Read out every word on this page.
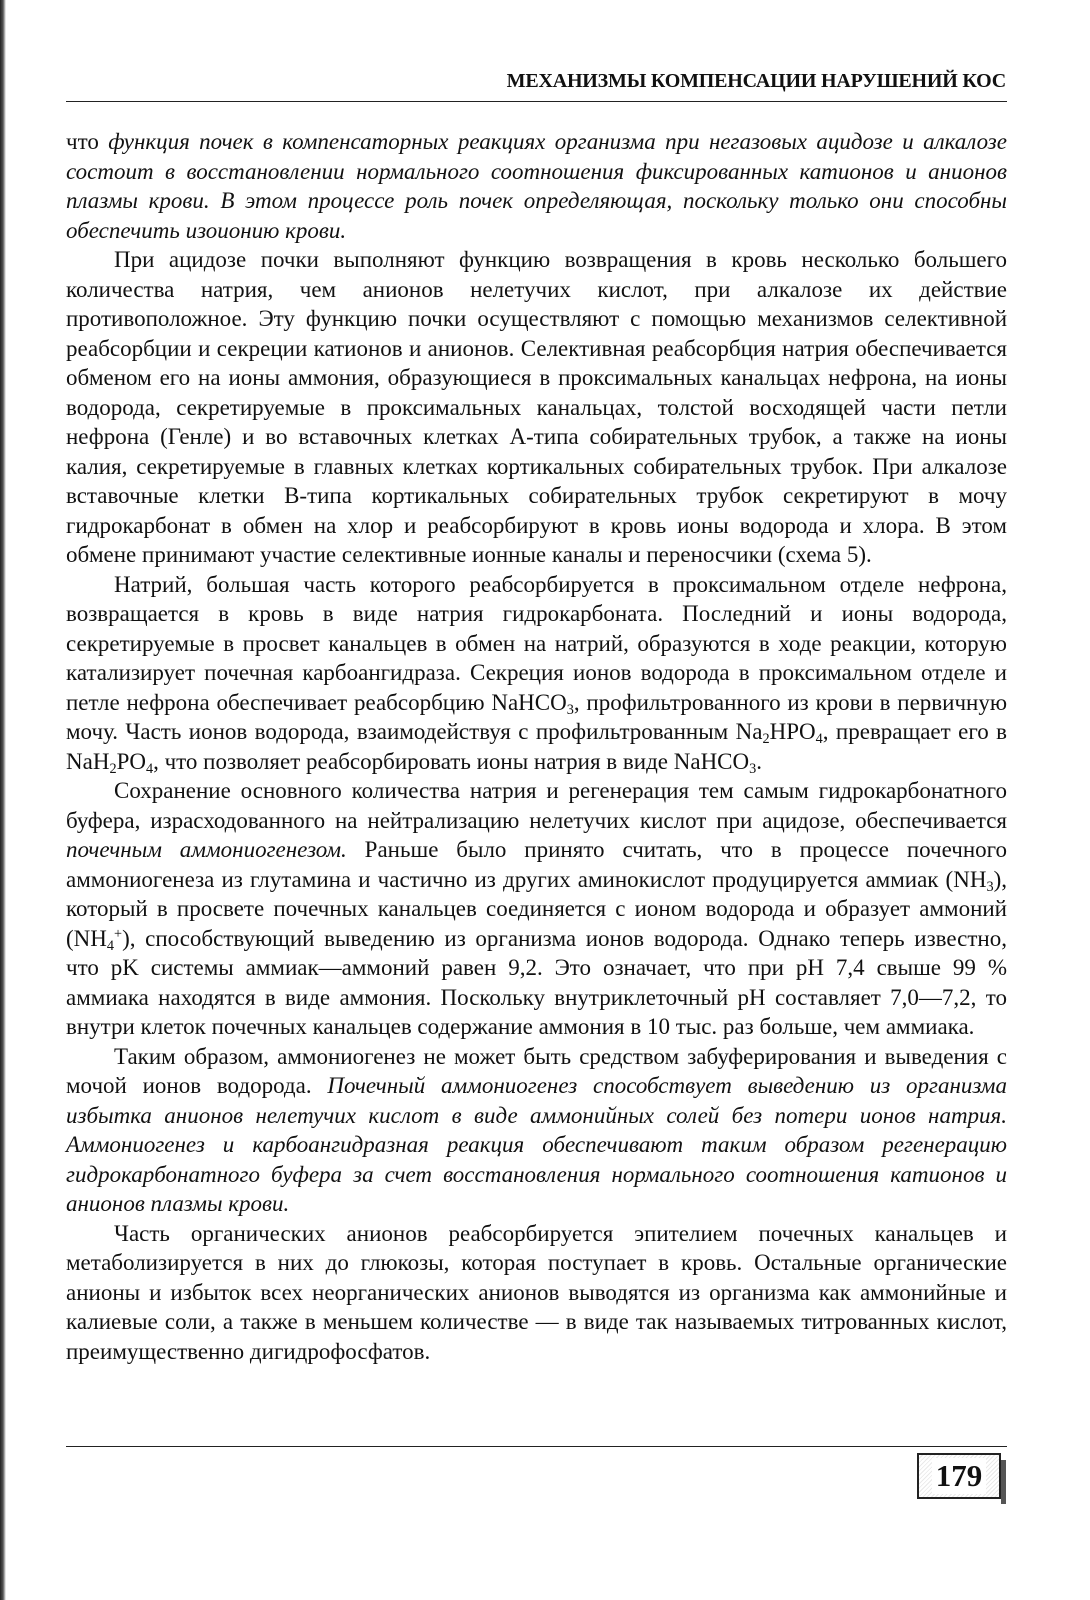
МЕХАНИЗМЫ КОМПЕНСАЦИИ НАРУШЕНИЙ КОС

что функция почек в компенсаторных реакциях организма при негазовых ацидозе и алкалозе состоит в восстановлении нормального соотношения фиксированных катионов и анионов плазмы крови. В этом процессе роль почек определяющая, поскольку только они способны обеспечить изоионию крови.

При ацидозе почки выполняют функцию возвращения в кровь несколько большего количества натрия, чем анионов нелетучих кислот, при алкалозе их действие противоположное. Эту функцию почки осуществляют с помощью механизмов селективной реабсорбции и секреции катионов и анионов. Селективная реабсорбция натрия обеспечивается обменом его на ионы аммония, образующиеся в проксимальных канальцах нефрона, на ионы водорода, секретируемые в проксимальных канальцах, толстой восходящей части петли нефрона (Генле) и во вставочных клетках А-типа собирательных трубок, а также на ионы калия, секретируемые в главных клетках кортикальных собирательных трубок. При алкалозе вставочные клетки В-типа кортикальных собирательных трубок секретируют в мочу гидрокарбонат в обмен на хлор и реабсорбируют в кровь ионы водорода и хлора. В этом обмене принимают участие селективные ионные каналы и переносчики (схема 5).

Натрий, большая часть которого реабсорбируется в проксимальном отделе нефрона, возвращается в кровь в виде натрия гидрокарбоната. Последний и ионы водорода, секретируемые в просвет канальцев в обмен на натрий, образуются в ходе реакции, которую катализирует почечная карбоангидраза. Секреция ионов водорода в проксимальном отделе и петле нефрона обеспечивает реабсорбцию NaHCO$_3$, профильтрованного из крови в первичную мочу. Часть ионов водорода, взаимодействуя с профильтрованным $Na_2HPO_4$, превращает его в $NaH_2PO_4$, что позволяет реабсорбировать ионы натрия в виде NaHCO$_3$.

Сохранение основного количества натрия и регенерация тем самым гидрокарбонатного буфера, израсходованного на нейтрализацию нелетучих кислот при ацидозе, обеспечивается почечным аммониогенезом. Раньше было принято считать, что в процессе почечного аммониогенеза из глутамина и частично из других аминокислот продуцируется аммиак $(NH_3)$, который в просвете почечных канальцев соединяется с ионом водорода и образует аммоний $(NH_4^+)$, способствующий выведению из организма ионов водорода. Однако теперь известно, что pK системы аммиак—аммоний равен 9,2. Это означает, что при pH 7,4 свыше 99 % аммиака находятся в виде аммония. Поскольку внутриклеточный pH составляет 7,0—7,2, то внутри клеток почечных канальцев содержание аммония в 10 тыс. раз больше, чем аммиака.

Таким образом, аммониогенез не может быть средством забуферирования и выведения с мочой ионов водорода. Почечный аммониогенез способствует выведению из организма избытка анионов нелетучих кислот в виде аммонийных солей без потери ионов натрия. Аммониогенез и карбоангидразная реакция обеспечивают таким образом регенерацию гидрокарбонатного буфера за счет восстановления нормального соотношения катионов и анионов плазмы крови.

Часть органических анионов реабсорбируется эпителием почечных канальцев и метаболизируется в них до глюкозы, которая поступает в кровь. Остальные органические анионы и избыток всех неорганических анионов выводятся из организма как аммонийные и калиевые соли, а также в меньшем количестве — в виде так называемых титрованных кислот, преимущественно дигидрофосфатов.

179
